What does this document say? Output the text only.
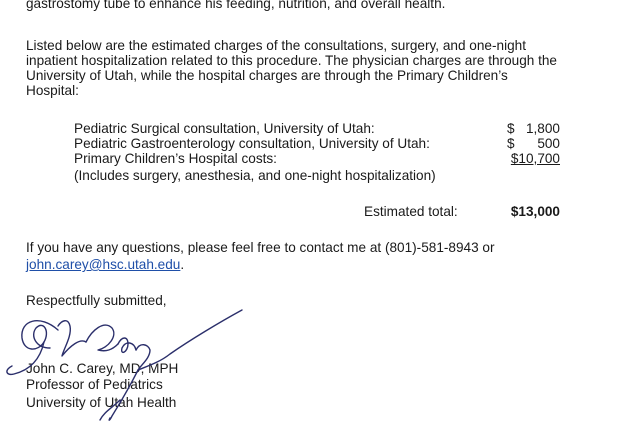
gastrostomy tube to enhance his feeding, nutrition, and overall health.
Listed below are the estimated charges of the consultations, surgery, and one-night
inpatient hospitalization related to this procedure. The physician charges are through the
University of Utah, while the hospital charges are through the Primary Children’s
Hospital:
Pediatric Surgical consultation, University of Utah:	$ 1,800
Pediatric Gastroenterology consultation, University of Utah:	$ 500
Primary Children’s Hospital costs:	$10,700
(Includes surgery, anesthesia, and one-night hospitalization)
Estimated total:	$13,000
If you have any questions, please feel free to contact me at (801)-581-8943 or
john.carey@hsc.utah.edu.
Respectfully submitted,
John C. Carey, MD, MPH
Professor of Pediatrics
University of Utah Health
